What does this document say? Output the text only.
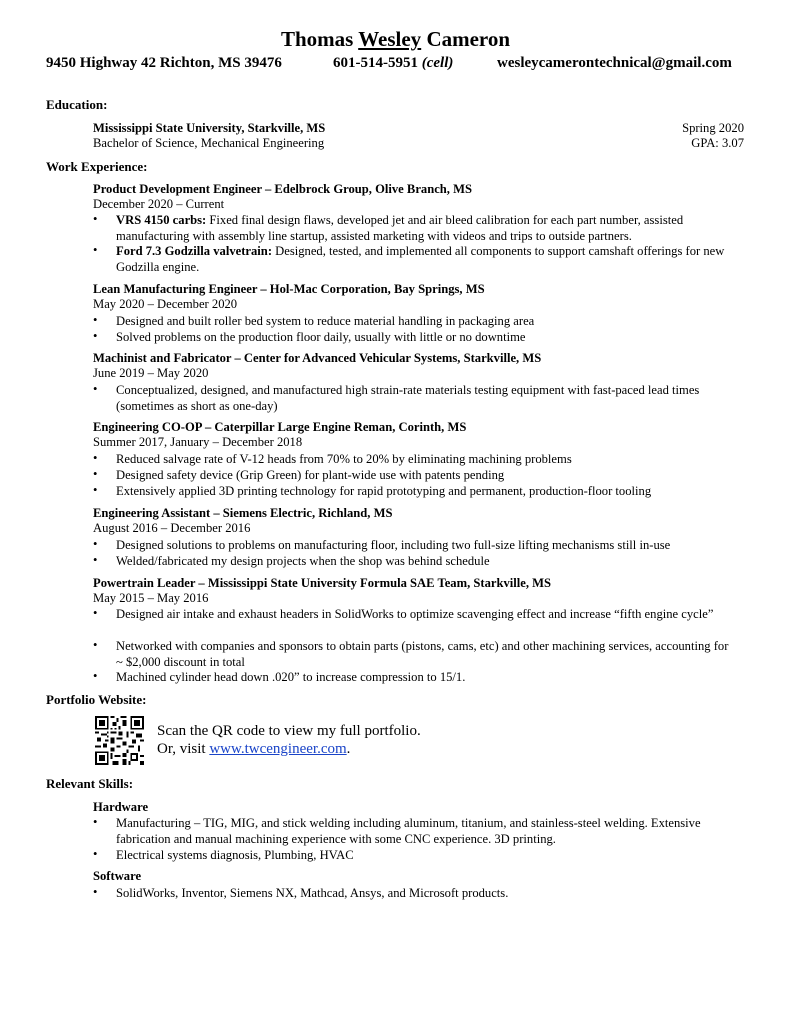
Thomas Wesley Cameron
9450 Highway 42 Richton, MS 39476	601-514-5951 (cell)	wesleycamerontechnical@gmail.com
Education:
Mississippi State University, Starkville, MS
Bachelor of Science, Mechanical Engineering
Spring 2020
GPA: 3.07
Work Experience:
Product Development Engineer – Edelbrock Group, Olive Branch, MS
December 2020 – Current
• VRS 4150 carbs: Fixed final design flaws, developed jet and air bleed calibration for each part number, assisted manufacturing with assembly line startup, assisted marketing with videos and trips to outside partners.
• Ford 7.3 Godzilla valvetrain: Designed, tested, and implemented all components to support camshaft offerings for new Godzilla engine.
Lean Manufacturing Engineer – Hol-Mac Corporation, Bay Springs, MS
May 2020 – December 2020
• Designed and built roller bed system to reduce material handling in packaging area
• Solved problems on the production floor daily, usually with little or no downtime
Machinist and Fabricator – Center for Advanced Vehicular Systems, Starkville, MS
June 2019 – May 2020
• Conceptualized, designed, and manufactured high strain-rate materials testing equipment with fast-paced lead times (sometimes as short as one-day)
Engineering CO-OP – Caterpillar Large Engine Reman, Corinth, MS
Summer 2017, January – December 2018
• Reduced salvage rate of V-12 heads from 70% to 20% by eliminating machining problems
• Designed safety device (Grip Green) for plant-wide use with patents pending
• Extensively applied 3D printing technology for rapid prototyping and permanent, production-floor tooling
Engineering Assistant – Siemens Electric, Richland, MS
August 2016 – December 2016
• Designed solutions to problems on manufacturing floor, including two full-size lifting mechanisms still in-use
• Welded/fabricated my design projects when the shop was behind schedule
Powertrain Leader – Mississippi State University Formula SAE Team, Starkville, MS
May 2015 – May 2016
• Designed air intake and exhaust headers in SolidWorks to optimize scavenging effect and increase “fifth engine cycle”
• Networked with companies and sponsors to obtain parts (pistons, cams, etc) and other machining services, accounting for ~ $2,000 discount in total
• Machined cylinder head down .020” to increase compression to 15/1.
Portfolio Website:
Scan the QR code to view my full portfolio.
Or, visit www.twcengineer.com.
Relevant Skills:
Hardware
• Manufacturing – TIG, MIG, and stick welding including aluminum, titanium, and stainless-steel welding. Extensive fabrication and manual machining experience with some CNC experience. 3D printing.
• Electrical systems diagnosis, Plumbing, HVAC
Software
• SolidWorks, Inventor, Siemens NX, Mathcad, Ansys, and Microsoft products.
